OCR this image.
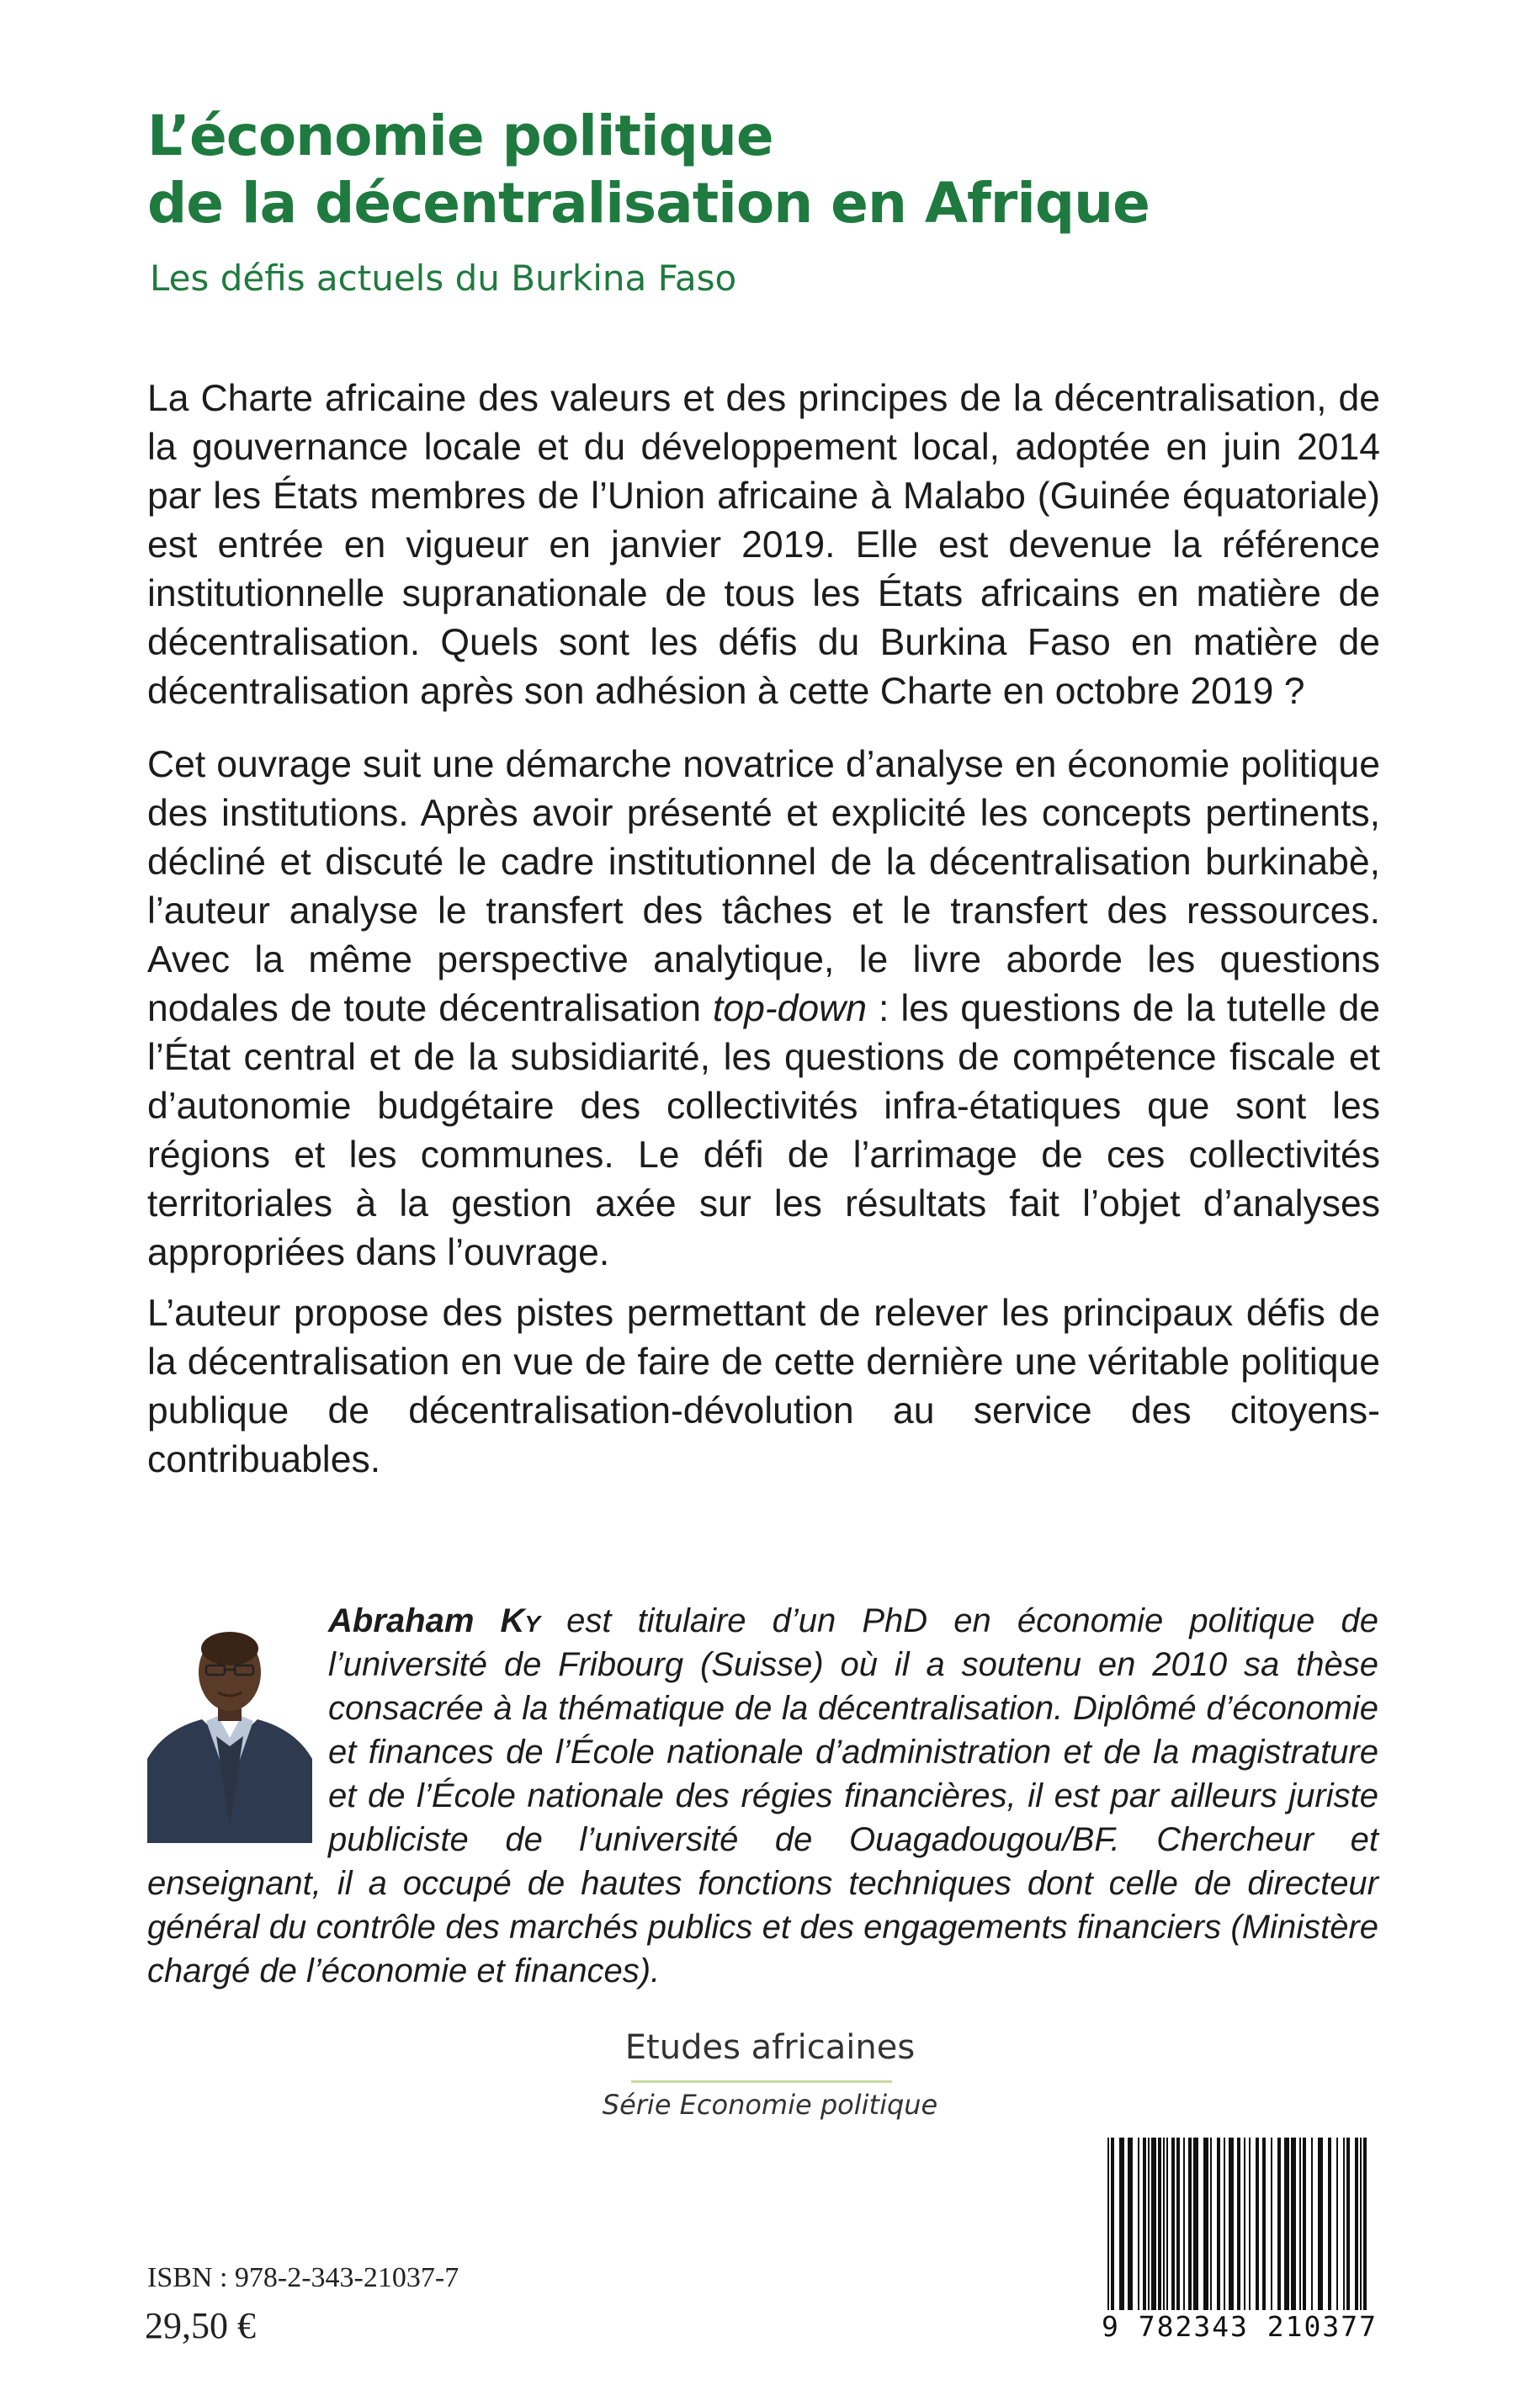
L’économie politique
de la décentralisation en Afrique

Les défis actuels du Burkina Faso

La Charte africaine des valeurs et des principes de la décentralisation, de la gouvernance locale et du développement local, adoptée en juin 2014 par les États membres de l’Union africaine à Malabo (Guinée équatoriale) est entrée en vigueur en janvier 2019. Elle est devenue la référence institutionnelle supranationale de tous les États africains en matière de décentralisation. Quels sont les défis du Burkina Faso en matière de décentralisation après son adhésion à cette Charte en octobre 2019 ?

Cet ouvrage suit une démarche novatrice d’analyse en économie politique des institutions. Après avoir présenté et explicité les concepts pertinents, décliné et discuté le cadre institutionnel de la décentralisation burkinabè, l’auteur analyse le transfert des tâches et le transfert des ressources. Avec la même perspective analytique, le livre aborde les questions nodales de toute décentralisation top-down : les questions de la tutelle de l’État central et de la subsidiarité, les questions de compétence fiscale et d’autonomie budgétaire des collectivités infra-étatiques que sont les régions et les communes. Le défi de l’arrimage de ces collectivités territoriales à la gestion axée sur les résultats fait l’objet d’analyses appropriées dans l’ouvrage.

L’auteur propose des pistes permettant de relever les principaux défis de la décentralisation en vue de faire de cette dernière une véritable politique publique de décentralisation-dévolution au service des citoyens-contribuables.

Abraham Ky est titulaire d’un PhD en économie politique de l’université de Fribourg (Suisse) où il a soutenu en 2010 sa thèse consacrée à la thématique de la décentralisation. Diplômé d’économie et finances de l’École nationale d’administration et de la magistrature et de l’École nationale des régies financières, il est par ailleurs juriste publiciste de l’université de Ouagadougou/BF. Chercheur et enseignant, il a occupé de hautes fonctions techniques dont celle de directeur général du contrôle des marchés publics et des engagements financiers (Ministère chargé de l’économie et finances).

Etudes africaines

Série Economie politique

ISBN : 978-2-343-21037-7

29,50 €	9 782343 210377
